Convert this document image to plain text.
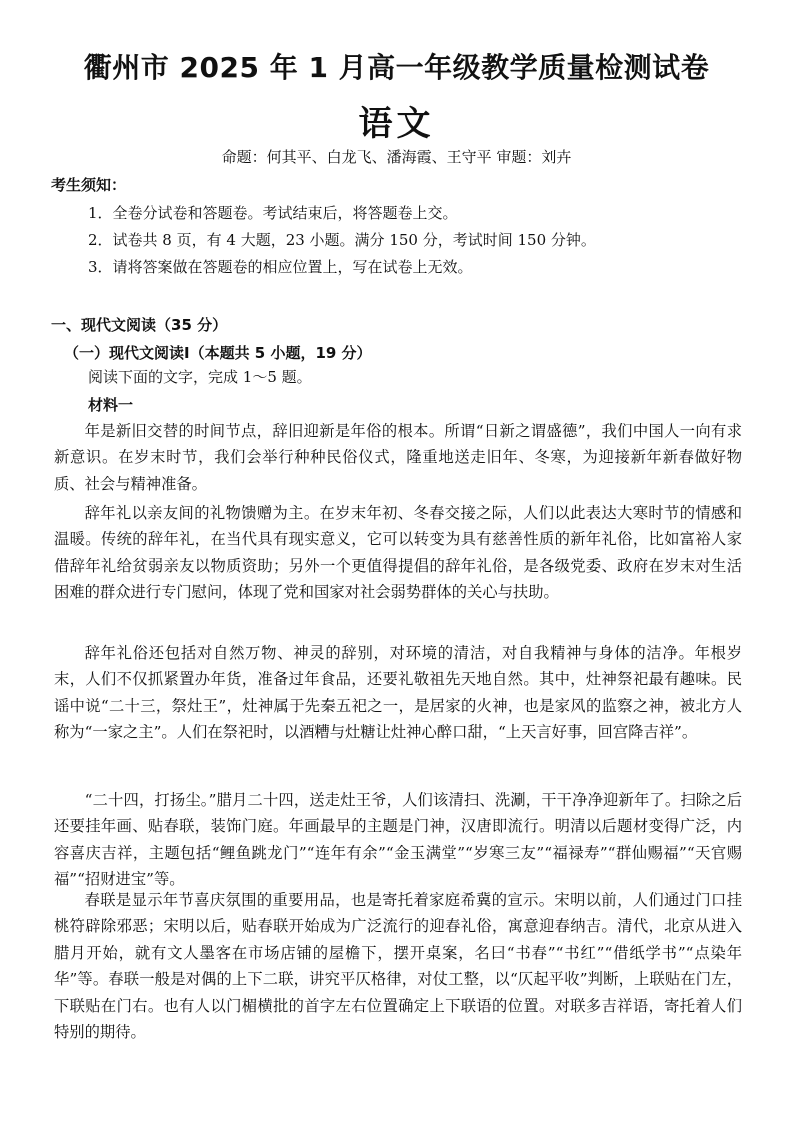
衢州市 2025 年 1 月高一年级教学质量检测试卷
语文
命题：何其平、白龙飞、潘海霞、王守平 审题：刘卉
考生须知：
1．全卷分试卷和答题卷。考试结束后，将答题卷上交。
2．试卷共 8 页，有 4 大题，23 小题。满分 150 分，考试时间 150 分钟。
3．请将答案做在答题卷的相应位置上，写在试卷上无效。
一、现代文阅读（35 分）
（一）现代文阅读Ⅰ（本题共 5 小题，19 分）
阅读下面的文字，完成 1～5 题。
材料一

年是新旧交替的时间节点，辞旧迎新是年俗的根本。所谓“日新之谓盛德”，我们中国人一向有求新意识。在岁末时节，我们会举行种种民俗仪式，隆重地送走旧年、冬寒，为迎接新年新春做好物质、社会与精神准备。

辞年礼以亲友间的礼物馈赠为主。在岁末年初、冬春交接之际，人们以此表达大寒时节的情感和温暖。传统的辞年礼，在当代具有现实意义，它可以转变为具有慈善性质的新年礼俗，比如富裕人家借辞年礼给贫弱亲友以物质资助；另外一个更值得提倡的辞年礼俗，是各级党委、政府在岁末对生活困难的群众进行专门慰问，体现了党和国家对社会弱势群体的关心与扶助。

辞年礼俗还包括对自然万物、神灵的辞别，对环境的清洁，对自我精神与身体的洁净。年根岁末，人们不仅抓紧置办年货，准备过年食品，还要礼敬祖先天地自然。其中，灶神祭祀最有趣味。民谣中说“二十三，祭灶王”，灶神属于先秦五祀之一，是居家的火神，也是家风的监察之神，被北方人称为“一家之主”。人们在祭祀时，以酒糟与灶糖让灶神心醉口甜，“上天言好事，回宫降吉祥”。

“二十四，打扬尘。”腊月二十四，送走灶王爷，人们该清扫、洗涮，干干净净迎新年了。扫除之后还要挂年画、贴春联，装饰门庭。年画最早的主题是门神，汉唐即流行。明清以后题材变得广泛，内容喜庆吉祥，主题包括“鲤鱼跳龙门”“连年有余”“金玉满堂”“岁寒三友”“福禄寿”“群仙赐福”“天官赐福”“招财进宝”等。

春联是显示年节喜庆氛围的重要用品，也是寄托着家庭希冀的宣示。宋明以前，人们通过门口挂桃符辟除邪恶；宋明以后，贴春联开始成为广泛流行的迎春礼俗，寓意迎春纳吉。清代，北京从进入腊月开始，就有文人墨客在市场店铺的屋檐下，摆开桌案，名曰“书春”“书红”“借纸学书”“点染年华”等。春联一般是对偶的上下二联，讲究平仄格律，对仗工整，以“仄起平收”判断，上联贴在门左，下联贴在门右。也有人以门楣横批的首字左右位置确定上下联语的位置。对联多吉祥语，寄托着人们特别的期待。
